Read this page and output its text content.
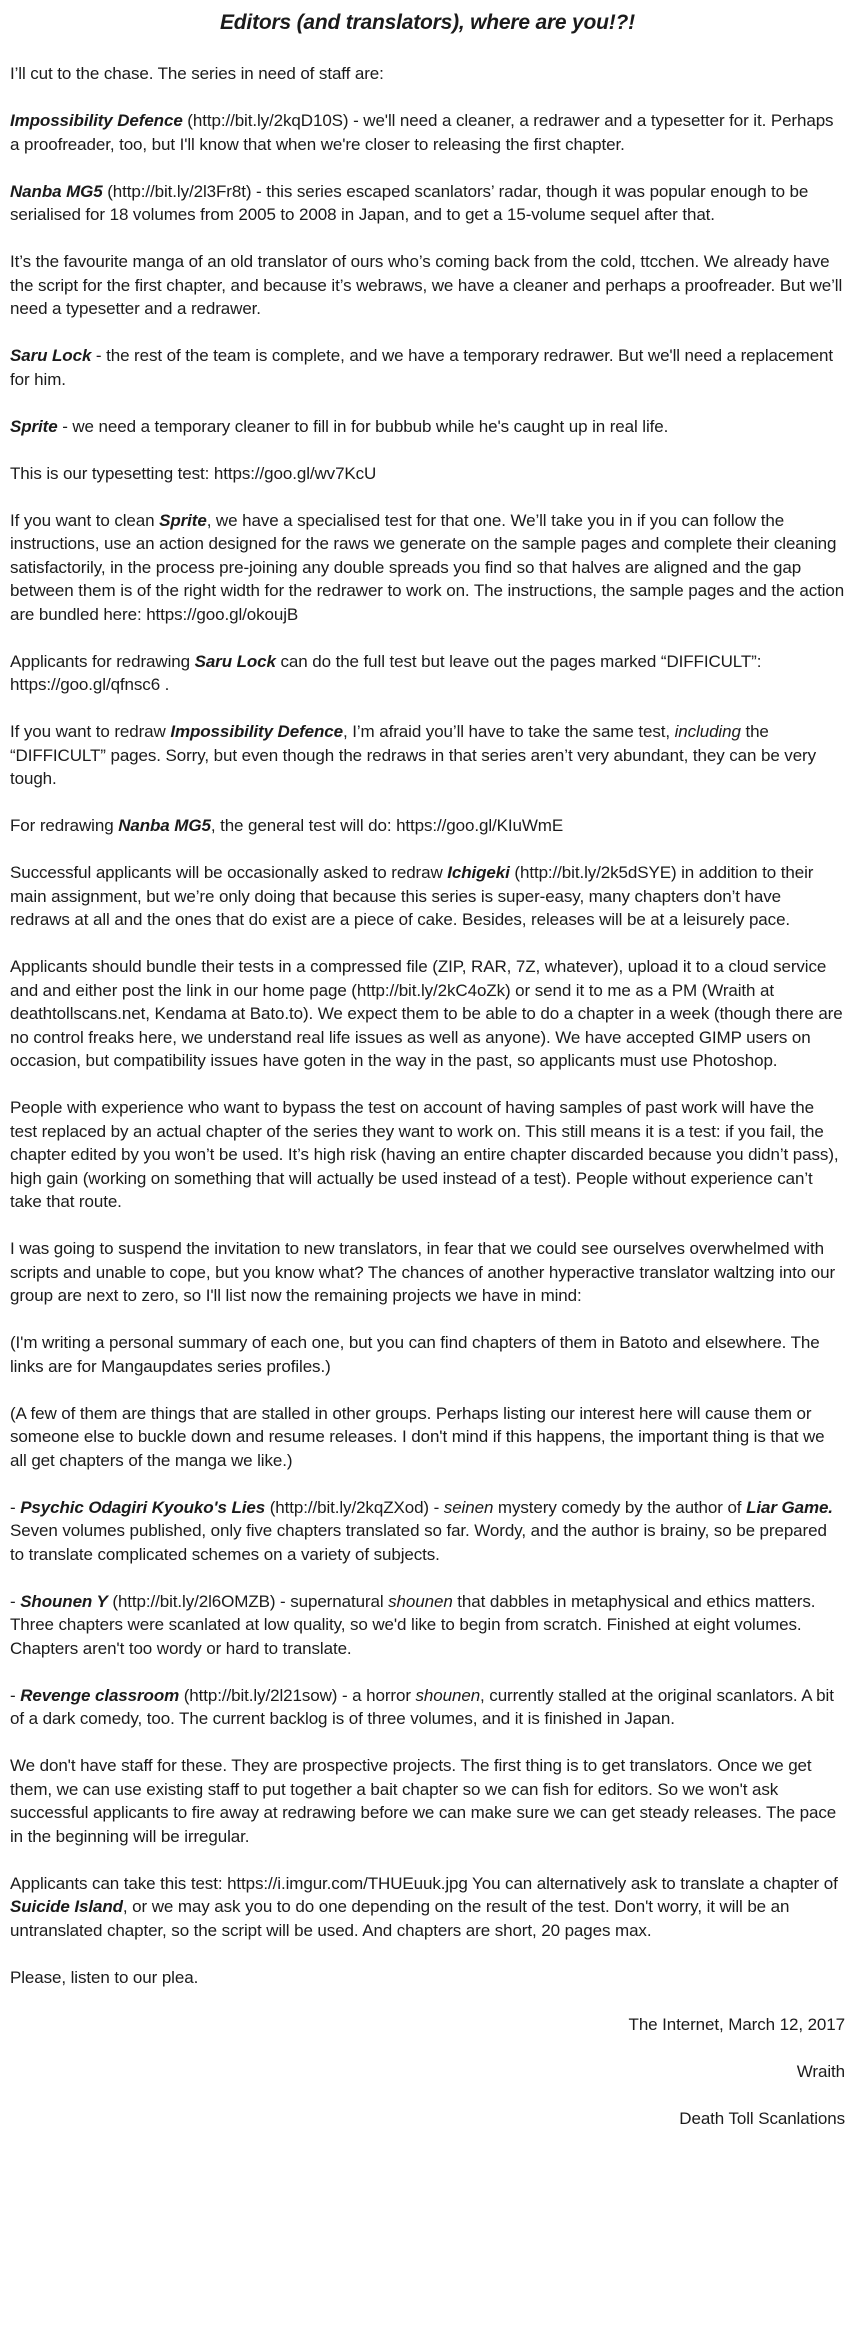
Editors (and translators), where are you!?!

I’ll cut to the chase. The series in need of staff are:

Impossibility Defence (http://bit.ly/2kqD10S) - we'll need a cleaner, a redrawer and a typesetter for it. Perhaps a proofreader, too, but I'll know that when we're closer to releasing the first chapter.

Nanba MG5 (http://bit.ly/2l3Fr8t) - this series escaped scanlators’ radar, though it was popular enough to be serialised for 18 volumes from 2005 to 2008 in Japan, and to get a 15-volume sequel after that.

It’s the favourite manga of an old translator of ours who’s coming back from the cold, ttcchen. We already have the script for the first chapter, and because it’s webraws, we have a cleaner and perhaps a proofreader. But we’ll need a typesetter and a redrawer.

Saru Lock - the rest of the team is complete, and we have a temporary redrawer. But we'll need a replacement for him.

Sprite - we need a temporary cleaner to fill in for bubbub while he's caught up in real life.

This is our typesetting test: https://goo.gl/wv7KcU

If you want to clean Sprite, we have a specialised test for that one. We’ll take you in if you can follow the instructions, use an action designed for the raws we generate on the sample pages and complete their cleaning satisfactorily, in the process pre-joining any double spreads you find so that halves are aligned and the gap between them is of the right width for the redrawer to work on. The instructions, the sample pages and the action are bundled here: https://goo.gl/okoujB

Applicants for redrawing Saru Lock can do the full test but leave out the pages marked “DIFFICULT”: https://goo.gl/qfnsc6 .

If you want to redraw Impossibility Defence, I’m afraid you’ll have to take the same test, including the “DIFFICULT” pages. Sorry, but even though the redraws in that series aren’t very abundant, they can be very tough.

For redrawing Nanba MG5, the general test will do: https://goo.gl/KIuWmE

Successful applicants will be occasionally asked to redraw Ichigeki (http://bit.ly/2k5dSYE) in addition to their main assignment, but we’re only doing that because this series is super-easy, many chapters don’t have redraws at all and the ones that do exist are a piece of cake. Besides, releases will be at a leisurely pace.

Applicants should bundle their tests in a compressed file (ZIP, RAR, 7Z, whatever), upload it to a cloud service and and either post the link in our home page (http://bit.ly/2kC4oZk) or send it to me as a PM (Wraith at deathtollscans.net, Kendama at Bato.to). We expect them to be able to do a chapter in a week (though there are no control freaks here, we understand real life issues as well as anyone). We have accepted GIMP users on occasion, but compatibility issues have goten in the way in the past, so applicants must use Photoshop.

People with experience who want to bypass the test on account of having samples of past work will have the test replaced by an actual chapter of the series they want to work on. This still means it is a test: if you fail, the chapter edited by you won’t be used. It’s high risk (having an entire chapter discarded because you didn’t pass), high gain (working on something that will actually be used instead of a test). People without experience can’t take that route.

I was going to suspend the invitation to new translators, in fear that we could see ourselves overwhelmed with scripts and unable to cope, but you know what? The chances of another hyperactive translator waltzing into our group are next to zero, so I'll list now the remaining projects we have in mind:

(I'm writing a personal summary of each one, but you can find chapters of them in Batoto and elsewhere. The links are for Mangaupdates series profiles.)

(A few of them are things that are stalled in other groups. Perhaps listing our interest here will cause them or someone else to buckle down and resume releases. I don't mind if this happens, the important thing is that we all get chapters of the manga we like.)

- Psychic Odagiri Kyouko's Lies (http://bit.ly/2kqZXod) - seinen mystery comedy by the author of Liar Game. Seven volumes published, only five chapters translated so far. Wordy, and the author is brainy, so be prepared to translate complicated schemes on a variety of subjects.

- Shounen Y (http://bit.ly/2l6OMZB) - supernatural shounen that dabbles in metaphysical and ethics matters. Three chapters were scanlated at low quality, so we'd like to begin from scratch. Finished at eight volumes. Chapters aren't too wordy or hard to translate.

- Revenge classroom (http://bit.ly/2l21sow) - a horror shounen, currently stalled at the original scanlators. A bit of a dark comedy, too. The current backlog is of three volumes, and it is finished in Japan.

We don't have staff for these. They are prospective projects. The first thing is to get translators. Once we get them, we can use existing staff to put together a bait chapter so we can fish for editors. So we won't ask successful applicants to fire away at redrawing before we can make sure we can get steady releases. The pace in the beginning will be irregular.

Applicants can take this test: https://i.imgur.com/THUEuuk.jpg You can alternatively ask to translate a chapter of Suicide Island, or we may ask you to do one depending on the result of the test. Don't worry, it will be an untranslated chapter, so the script will be used. And chapters are short, 20 pages max.

Please, listen to our plea.

The Internet, March 12, 2017

Wraith

Death Toll Scanlations
